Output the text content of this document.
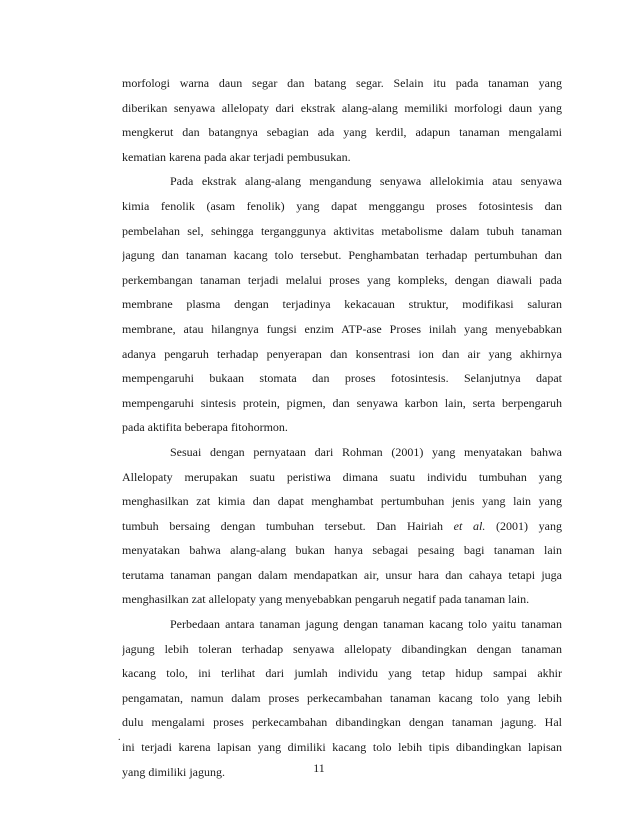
morfologi warna daun segar dan batang segar. Selain itu pada tanaman yang
diberikan senyawa allelopaty dari ekstrak alang-alang memiliki morfologi daun yang
mengkerut dan batangnya sebagian ada yang kerdil, adapun tanaman mengalami
kematian karena pada akar terjadi pembusukan.
Pada ekstrak alang-alang mengandung senyawa allelokimia atau senyawa
kimia fenolik (asam fenolik) yang dapat menggangu proses fotosintesis dan
pembelahan sel, sehingga terganggunya aktivitas metabolisme dalam tubuh tanaman
jagung dan tanaman kacang tolo tersebut. Penghambatan terhadap pertumbuhan dan
perkembangan tanaman terjadi melalui proses yang kompleks, dengan diawali pada
membrane plasma dengan terjadinya kekacauan struktur, modifikasi saluran
membrane, atau hilangnya fungsi enzim ATP-ase Proses inilah yang menyebabkan
adanya pengaruh terhadap penyerapan dan konsentrasi ion dan air yang akhirnya
mempengaruhi bukaan stomata dan proses fotosintesis. Selanjutnya dapat
mempengaruhi sintesis protein, pigmen, dan senyawa karbon lain, serta berpengaruh
pada aktifita beberapa fitohormon.
Sesuai dengan pernyataan dari Rohman (2001) yang menyatakan bahwa
Allelopaty merupakan suatu peristiwa dimana suatu individu tumbuhan yang
menghasilkan zat kimia dan dapat menghambat pertumbuhan jenis yang lain yang
tumbuh bersaing dengan tumbuhan tersebut. Dan Hairiah et al. (2001) yang
menyatakan bahwa alang-alang bukan hanya sebagai pesaing bagi tanaman lain
terutama tanaman pangan dalam mendapatkan air, unsur hara dan cahaya tetapi juga
menghasilkan zat allelopaty yang menyebabkan pengaruh negatif pada tanaman lain.
Perbedaan antara tanaman jagung dengan tanaman kacang tolo yaitu tanaman
jagung lebih toleran terhadap senyawa allelopaty dibandingkan dengan tanaman
kacang tolo, ini terlihat dari jumlah individu yang tetap hidup sampai akhir
pengamatan, namun dalam proses perkecambahan tanaman kacang tolo yang lebih
dulu mengalami proses perkecambahan dibandingkan dengan tanaman jagung. Hal
ini terjadi karena lapisan yang dimiliki kacang tolo lebih tipis dibandingkan lapisan
yang dimiliki jagung.
.
11
